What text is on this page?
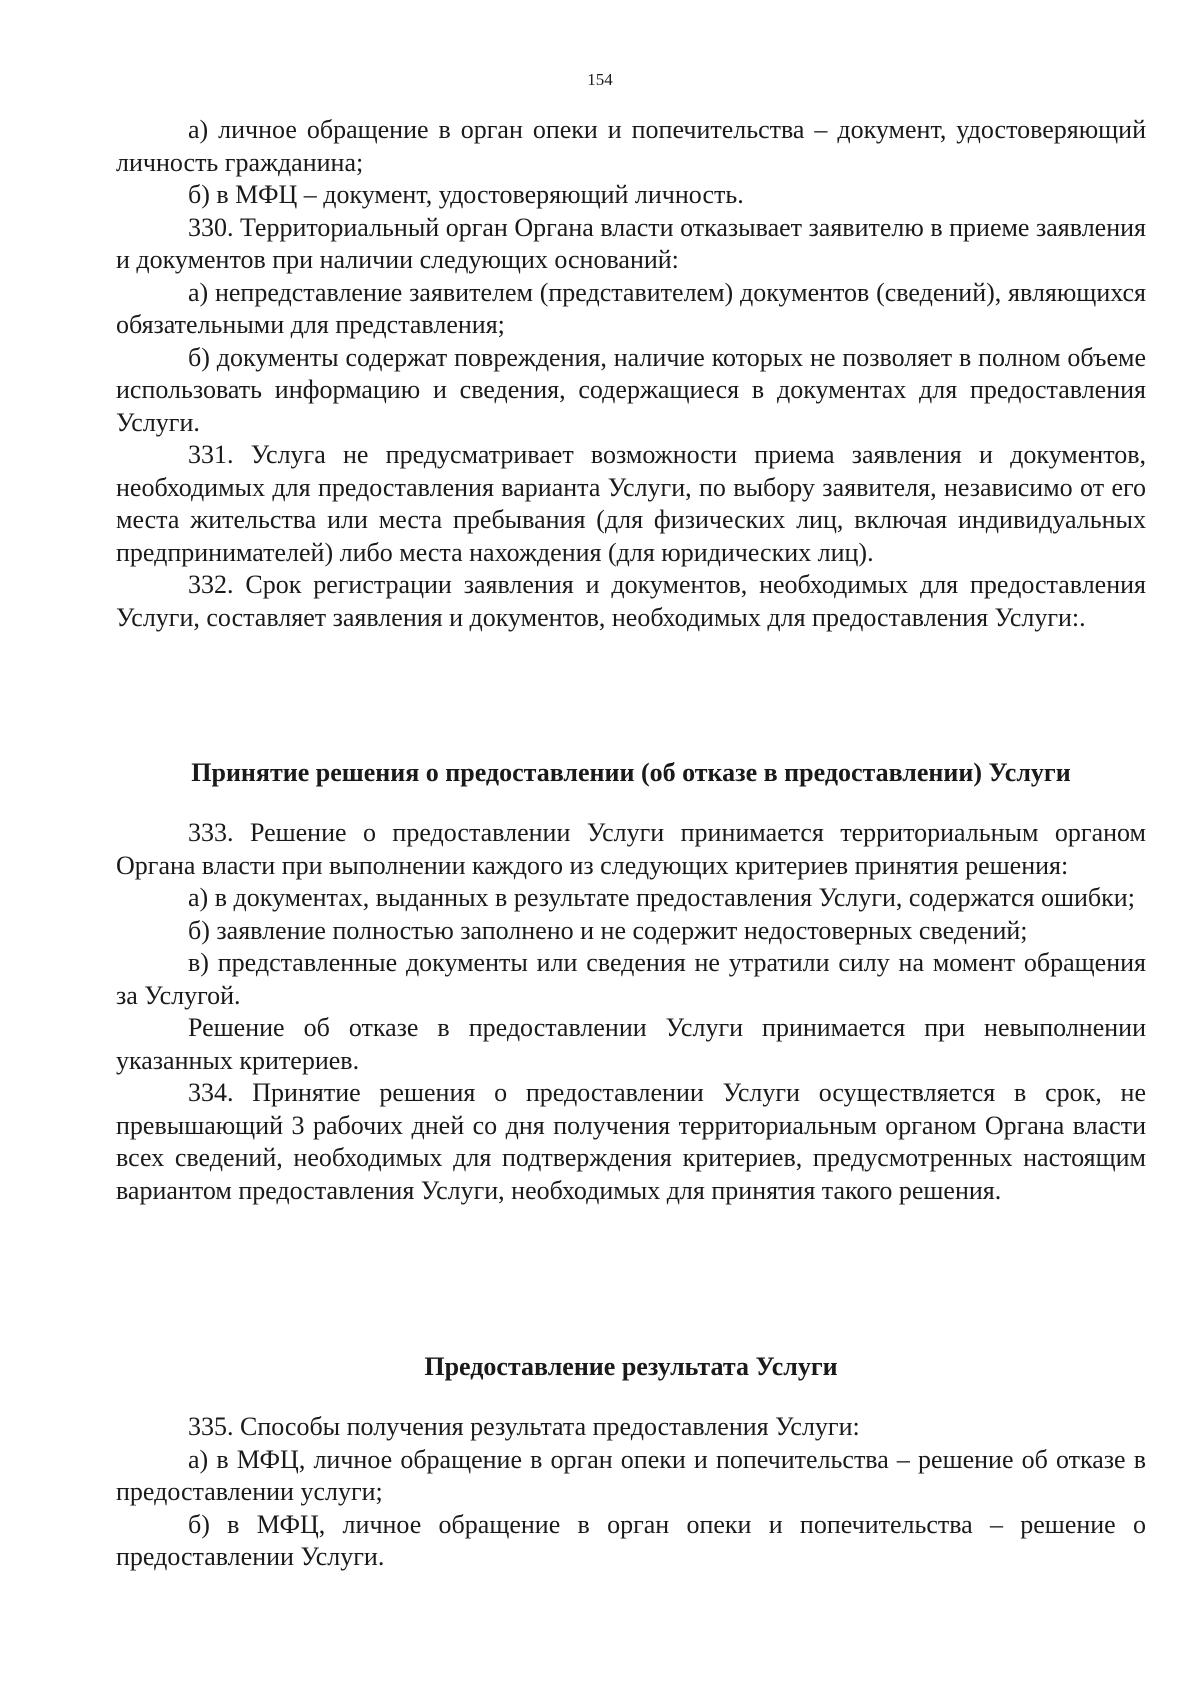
154

а) личное обращение в орган опеки и попечительства – документ, удостоверяющий личность гражданина;

б) в МФЦ – документ, удостоверяющий личность.

330. Территориальный орган Органа власти отказывает заявителю в приеме заявления и документов при наличии следующих оснований:

а) непредставление заявителем (представителем) документов (сведений), являющихся обязательными для представления;

б) документы содержат повреждения, наличие которых не позволяет в полном объеме использовать информацию и сведения, содержащиеся в документах для предоставления Услуги.

331. Услуга не предусматривает возможности приема заявления и документов, необходимых для предоставления варианта Услуги, по выбору заявителя, независимо от его места жительства или места пребывания (для физических лиц, включая индивидуальных предпринимателей) либо места нахождения (для юридических лиц).

332. Срок регистрации заявления и документов, необходимых для предоставления Услуги, составляет заявления и документов, необходимых для предоставления Услуги:.

Принятие решения о предоставлении (об отказе в предоставлении) Услуги

333. Решение о предоставлении Услуги принимается территориальным органом Органа власти при выполнении каждого из следующих критериев принятия решения:

а) в документах, выданных в результате предоставления Услуги, содержатся ошибки;

б) заявление полностью заполнено и не содержит недостоверных сведений;

в) представленные документы или сведения не утратили силу на момент обращения за Услугой.

Решение об отказе в предоставлении Услуги принимается при невыполнении указанных критериев.

334. Принятие решения о предоставлении Услуги осуществляется в срок, не превышающий 3 рабочих дней со дня получения территориальным органом Органа власти всех сведений, необходимых для подтверждения критериев, предусмотренных настоящим вариантом предоставления Услуги, необходимых для принятия такого решения.

Предоставление результата Услуги

335. Способы получения результата предоставления Услуги:

а) в МФЦ, личное обращение в орган опеки и попечительства – решение об отказе в предоставлении услуги;

б) в МФЦ, личное обращение в орган опеки и попечительства – решение о предоставлении Услуги.
